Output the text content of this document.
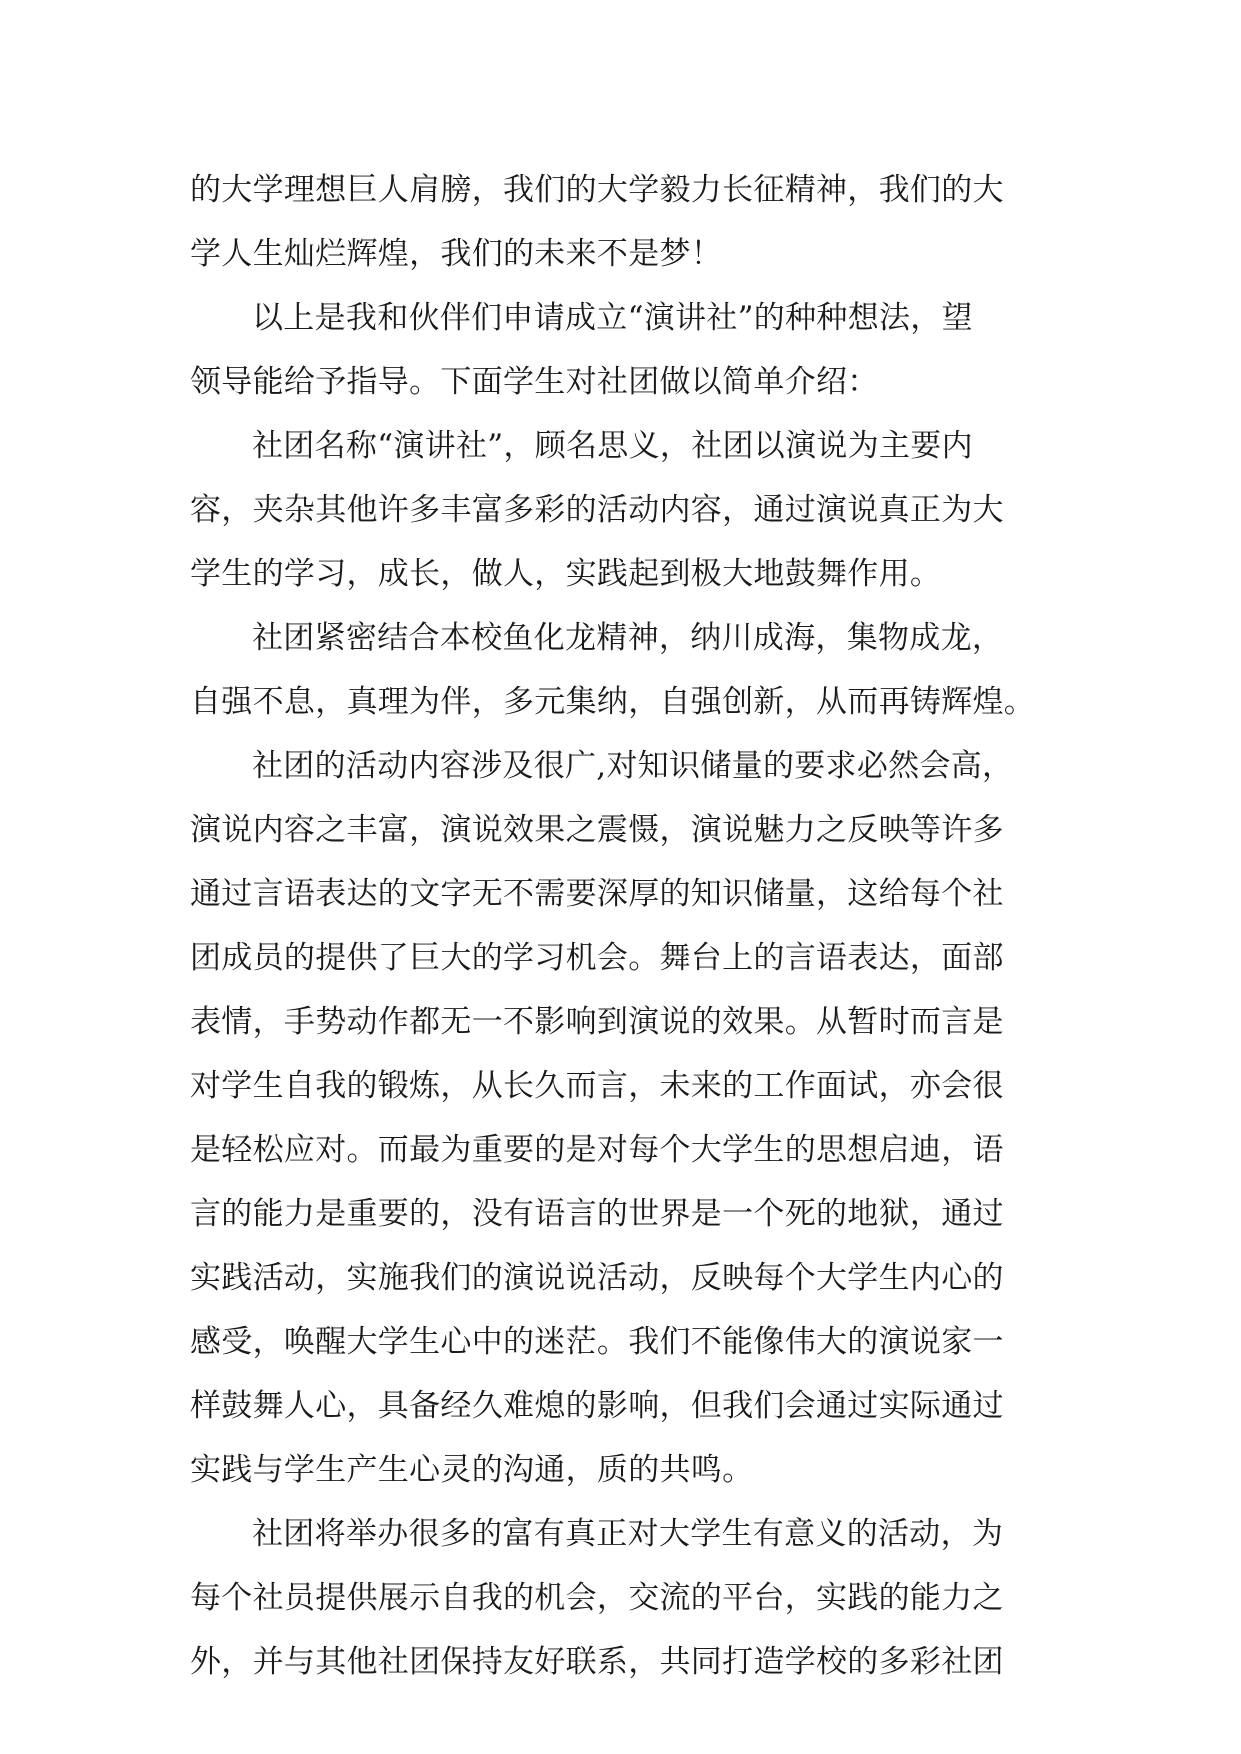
的大学理想巨人肩膀，我们的大学毅力长征精神，我们的大
学人生灿烂辉煌，我们的未来不是梦！
以上是我和伙伴们申请成立“演讲社”的种种想法，望
领导能给予指导。下面学生对社团做以简单介绍：
社团名称“演讲社”，顾名思义，社团以演说为主要内
容，夹杂其他许多丰富多彩的活动内容，通过演说真正为大
学生的学习，成长，做人，实践起到极大地鼓舞作用。
社团紧密结合本校鱼化龙精神，纳川成海，集物成龙，
自强不息，真理为伴，多元集纳，自强创新，从而再铸辉煌。
社团的活动内容涉及很广,对知识储量的要求必然会高，
演说内容之丰富，演说效果之震慑，演说魅力之反映等许多
通过言语表达的文字无不需要深厚的知识储量，这给每个社
团成员的提供了巨大的学习机会。舞台上的言语表达，面部
表情，手势动作都无一不影响到演说的效果。从暂时而言是
对学生自我的锻炼，从长久而言，未来的工作面试，亦会很
是轻松应对。而最为重要的是对每个大学生的思想启迪，语
言的能力是重要的，没有语言的世界是一个死的地狱，通过
实践活动，实施我们的演说说活动，反映每个大学生内心的
感受，唤醒大学生心中的迷茫。我们不能像伟大的演说家一
样鼓舞人心，具备经久难熄的影响，但我们会通过实际通过
实践与学生产生心灵的沟通，质的共鸣。
社团将举办很多的富有真正对大学生有意义的活动，为
每个社员提供展示自我的机会，交流的平台，实践的能力之
外，并与其他社团保持友好联系，共同打造学校的多彩社团
